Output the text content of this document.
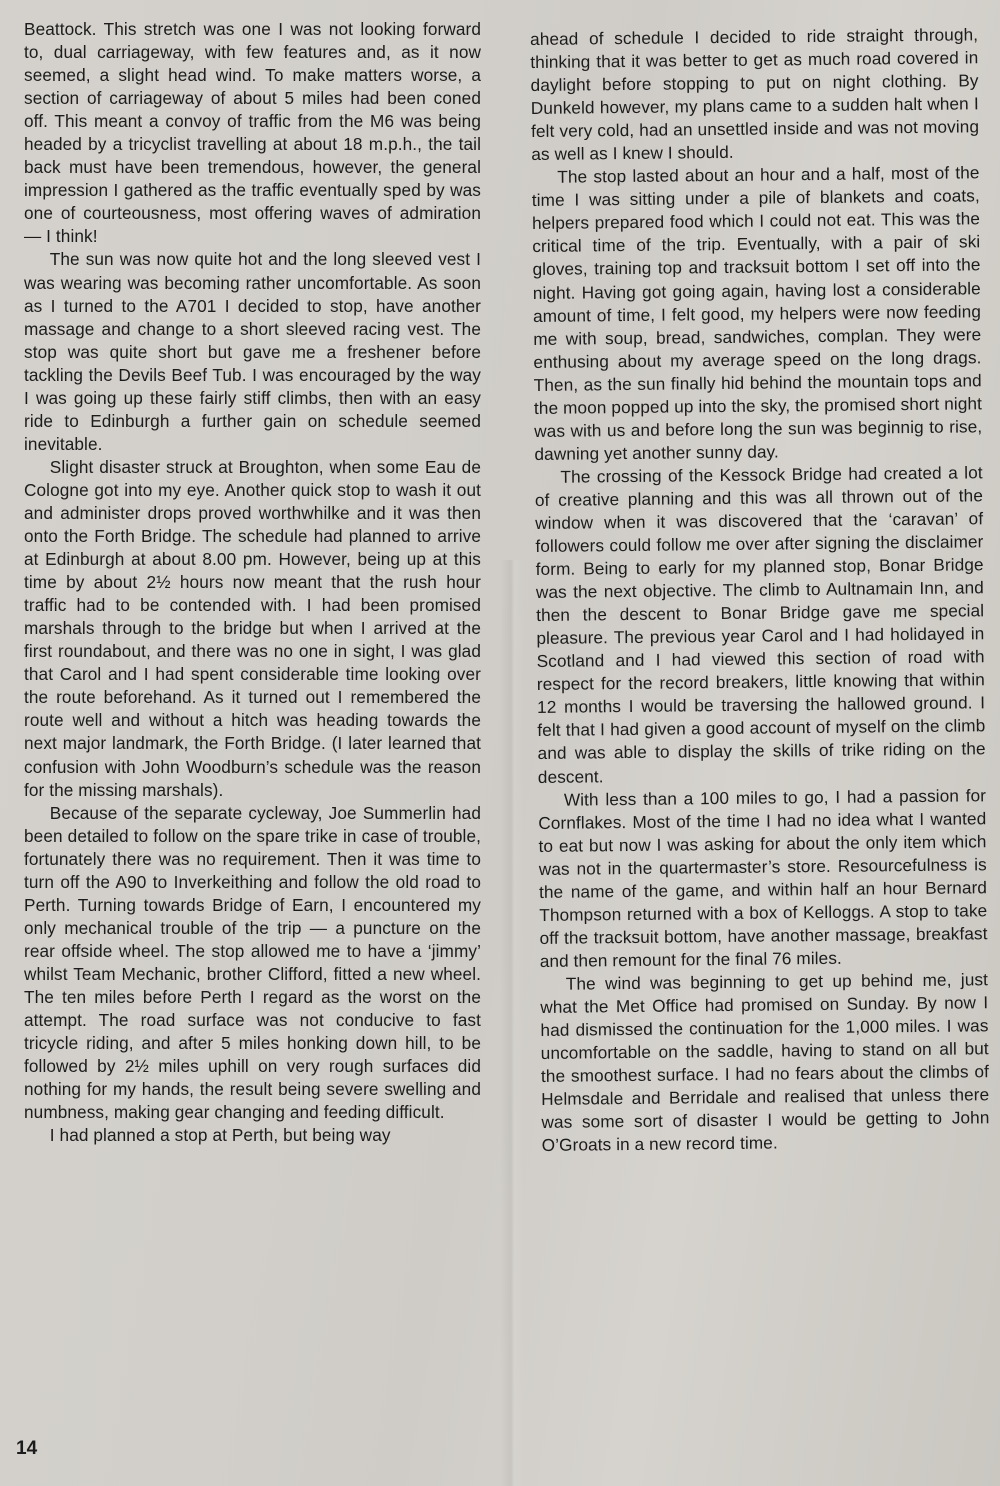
Beattock. This stretch was one I was not looking forward to, dual carriageway, with few features and, as it now seemed, a slight head wind. To make matters worse, a section of carriageway of about 5 miles had been coned off. This meant a convoy of traffic from the M6 was being headed by a tricyclist travelling at about 18 m.p.h., the tail back must have been tremendous, however, the general impression I gathered as the traffic eventually sped by was one of courteousness, most offering waves of admiration — I think!

The sun was now quite hot and the long sleeved vest I was wearing was becoming rather uncomfortable. As soon as I turned to the A701 I decided to stop, have another massage and change to a short sleeved racing vest. The stop was quite short but gave me a freshener before tackling the Devils Beef Tub. I was encouraged by the way I was going up these fairly stiff climbs, then with an easy ride to Edinburgh a further gain on schedule seemed inevitable.

Slight disaster struck at Broughton, when some Eau de Cologne got into my eye. Another quick stop to wash it out and administer drops proved worthwhilke and it was then onto the Forth Bridge. The schedule had planned to arrive at Edinburgh at about 8.00 pm. However, being up at this time by about 2½ hours now meant that the rush hour traffic had to be contended with. I had been promised marshals through to the bridge but when I arrived at the first roundabout, and there was no one in sight, I was glad that Carol and I had spent considerable time looking over the route beforehand. As it turned out I remembered the route well and without a hitch was heading towards the next major landmark, the Forth Bridge. (I later learned that confusion with John Woodburn’s schedule was the reason for the missing marshals).

Because of the separate cycleway, Joe Summerlin had been detailed to follow on the spare trike in case of trouble, fortunately there was no requirement. Then it was time to turn off the A90 to Inverkeithing and follow the old road to Perth. Turning towards Bridge of Earn, I encountered my only mechanical trouble of the trip — a puncture on the rear offside wheel. The stop allowed me to have a ‘jimmy’ whilst Team Mechanic, brother Clifford, fitted a new wheel. The ten miles before Perth I regard as the worst on the attempt. The road surface was not conducive to fast tricycle riding, and after 5 miles honking down hill, to be followed by 2½ miles uphill on very rough surfaces did nothing for my hands, the result being severe swelling and numbness, making gear changing and feeding difficult.

I had planned a stop at Perth, but being way

ahead of schedule I decided to ride straight through, thinking that it was better to get as much road covered in daylight before stopping to put on night clothing. By Dunkeld however, my plans came to a sudden halt when I felt very cold, had an unsettled inside and was not moving as well as I knew I should.

The stop lasted about an hour and a half, most of the time I was sitting under a pile of blankets and coats, helpers prepared food which I could not eat. This was the critical time of the trip. Eventually, with a pair of ski gloves, training top and tracksuit bottom I set off into the night. Having got going again, having lost a considerable amount of time, I felt good, my helpers were now feeding me with soup, bread, sandwiches, complan. They were enthusing about my average speed on the long drags. Then, as the sun finally hid behind the mountain tops and the moon popped up into the sky, the promised short night was with us and before long the sun was beginnig to rise, dawning yet another sunny day.

The crossing of the Kessock Bridge had created a lot of creative planning and this was all thrown out of the window when it was discovered that the ‘caravan’ of followers could follow me over after signing the disclaimer form. Being to early for my planned stop, Bonar Bridge was the next objective. The climb to Aultnamain Inn, and then the descent to Bonar Bridge gave me special pleasure. The previous year Carol and I had holidayed in Scotland and I had viewed this section of road with respect for the record breakers, little knowing that within 12 months I would be traversing the hallowed ground. I felt that I had given a good account of myself on the climb and was able to display the skills of trike riding on the descent.

With less than a 100 miles to go, I had a passion for Cornflakes. Most of the time I had no idea what I wanted to eat but now I was asking for about the only item which was not in the quartermaster’s store. Resourcefulness is the name of the game, and within half an hour Bernard Thompson returned with a box of Kelloggs. A stop to take off the tracksuit bottom, have another massage, breakfast and then remount for the final 76 miles.

The wind was beginning to get up behind me, just what the Met Office had promised on Sunday. By now I had dismissed the continuation for the 1,000 miles. I was uncomfortable on the saddle, having to stand on all but the smoothest surface. I had no fears about the climbs of Helmsdale and Berridale and realised that unless there was some sort of disaster I would be getting to John O’Groats in a new record time.

14
